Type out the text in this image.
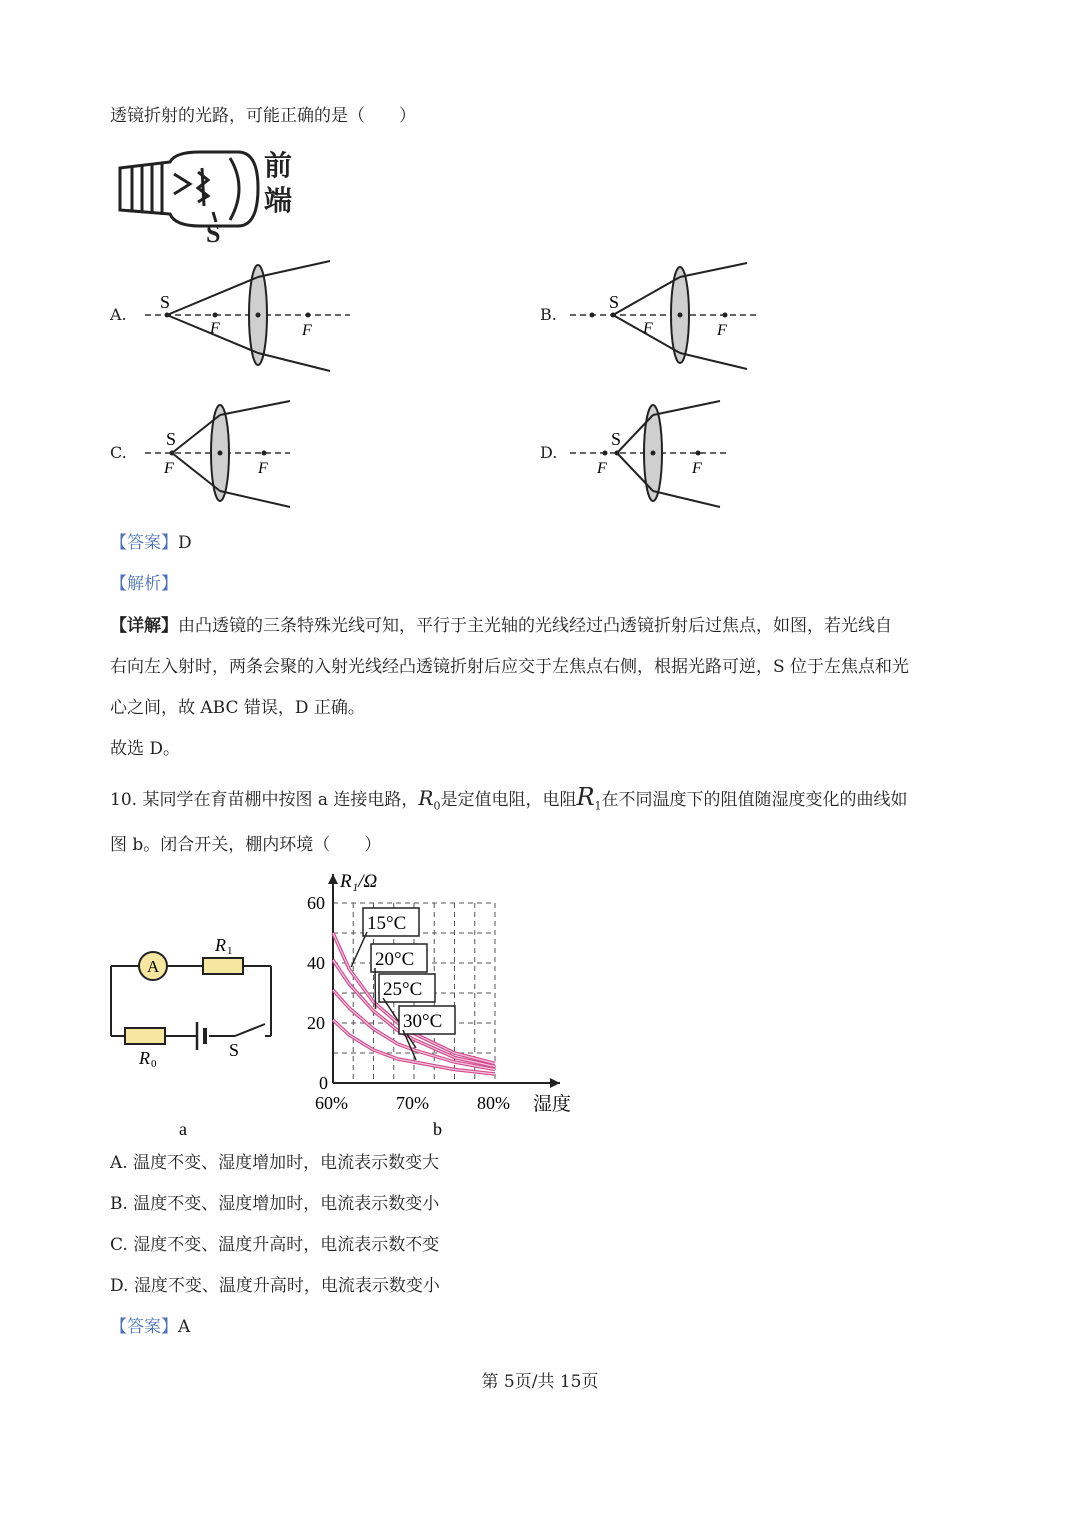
透镜折射的光路，可能正确的是（　　）
S
前
端
A.
S
F	F
B.
S
F	F
C.
S
F	F
D.
S
F	F
【答案】D
【解析】
【详解】由凸透镜的三条特殊光线可知，平行于主光轴的光线经过凸透镜折射后过焦点，如图，若光线自
右向左入射时，两条会聚的入射光线经凸透镜折射后应交于左焦点右侧，根据光路可逆，S 位于左焦点和光
心之间，故 ABC 错误，D 正确。
故选 D。
10. 某同学在育苗棚中按图 a 连接电路，$R_0$是定值电阻，电阻$R_1$在不同温度下的阻值随湿度变化的曲线如
图 b。闭合开关，棚内环境（　　）
A
R 1
R 0
S
a
60%	70%	80%
0
20
40
60
15°C
20°C
25°C
30°C
R₁/Ω
湿度
b
A. 温度不变、湿度增加时，电流表示数变大
B. 温度不变、湿度增加时，电流表示数变小
C. 湿度不变、温度升高时，电流表示数不变
D. 湿度不变、温度升高时，电流表示数变小
【答案】A
第 5页/共 15页
